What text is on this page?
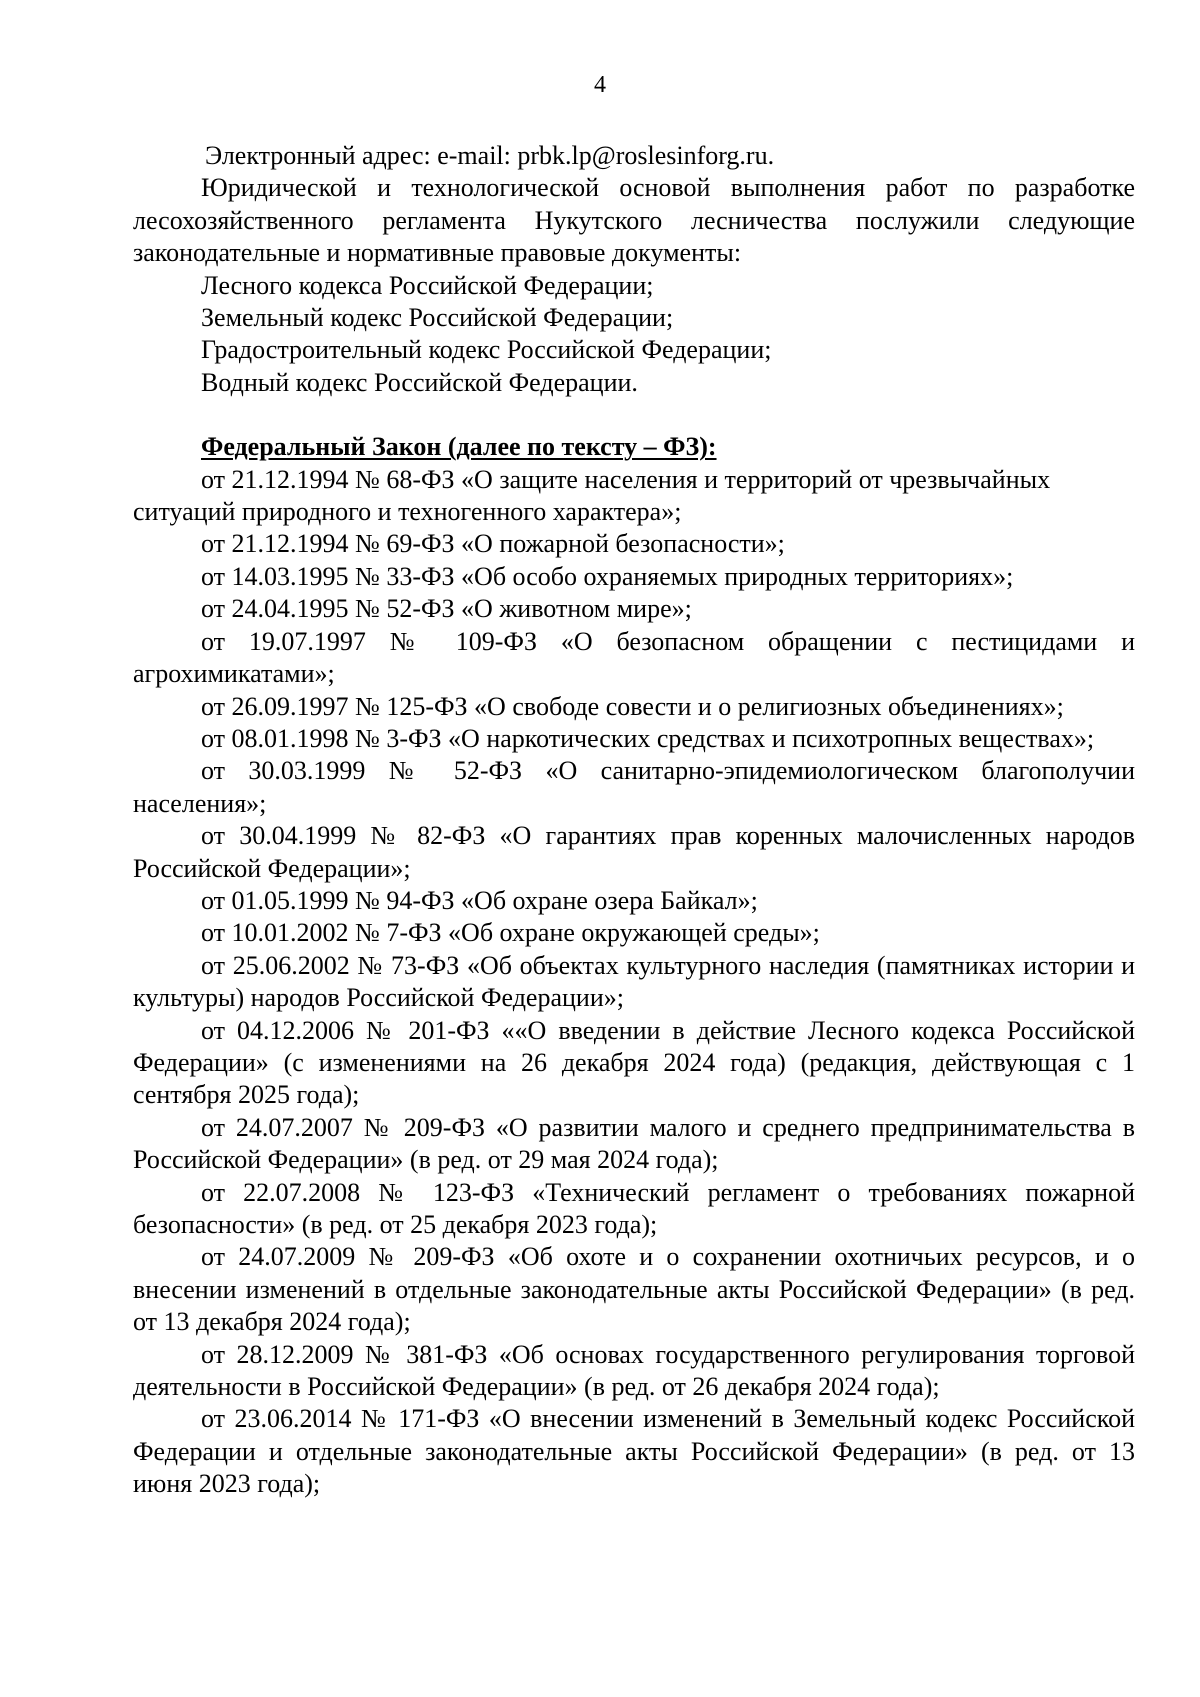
4

Электронный адрес: e-mail: prbk.lp@roslesinforg.ru.

Юридической и технологической основой выполнения работ по разработке лесохозяйственного регламента Нукутского лесничества послужили следующие законодательные и нормативные правовые документы:

Лесного кодекса Российской Федерации;

Земельный кодекс Российской Федерации;

Градостроительный кодекс Российской Федерации;

Водный кодекс Российской Федерации.

Федеральный Закон (далее по тексту – ФЗ):

от 21.12.1994 № 68-ФЗ «О защите населения и территорий от чрезвычайных ситуаций природного и техногенного характера»;

от 21.12.1994 № 69-ФЗ «О пожарной безопасности»;

от 14.03.1995 № 33-ФЗ «Об особо охраняемых природных территориях»;

от 24.04.1995 № 52-ФЗ «О животном мире»;

от 19.07.1997 № 109-ФЗ «О безопасном обращении с пестицидами и агрохимикатами»;

от 26.09.1997 № 125-ФЗ «О свободе совести и о религиозных объединениях»;

от 08.01.1998 № 3-ФЗ «О наркотических средствах и психотропных веществах»;

от 30.03.1999 № 52-ФЗ «О санитарно-эпидемиологическом благополучии населения»;

от 30.04.1999 № 82-ФЗ «О гарантиях прав коренных малочисленных народов Российской Федерации»;

от 01.05.1999 № 94-ФЗ «Об охране озера Байкал»;

от 10.01.2002 № 7-ФЗ «Об охране окружающей среды»;

от 25.06.2002 № 73-ФЗ «Об объектах культурного наследия (памятниках истории и культуры) народов Российской Федерации»;

от 04.12.2006 № 201-ФЗ ««О введении в действие Лесного кодекса Российской Федерации» (с изменениями на 26 декабря 2024 года) (редакция, действующая с 1 сентября 2025 года);

от 24.07.2007 № 209-ФЗ «О развитии малого и среднего предпринимательства в Российской Федерации» (в ред. от 29 мая 2024 года);

от 22.07.2008 № 123-ФЗ «Технический регламент о требованиях пожарной безопасности» (в ред. от 25 декабря 2023 года);

от 24.07.2009 № 209-ФЗ «Об охоте и о сохранении охотничьих ресурсов, и о внесении изменений в отдельные законодательные акты Российской Федерации» (в ред. от 13 декабря 2024 года);

от 28.12.2009 № 381-ФЗ «Об основах государственного регулирования торговой деятельности в Российской Федерации» (в ред. от 26 декабря 2024 года);

от 23.06.2014 № 171-ФЗ «О внесении изменений в Земельный кодекс Российской Федерации и отдельные законодательные акты Российской Федерации» (в ред. от 13 июня 2023 года);
